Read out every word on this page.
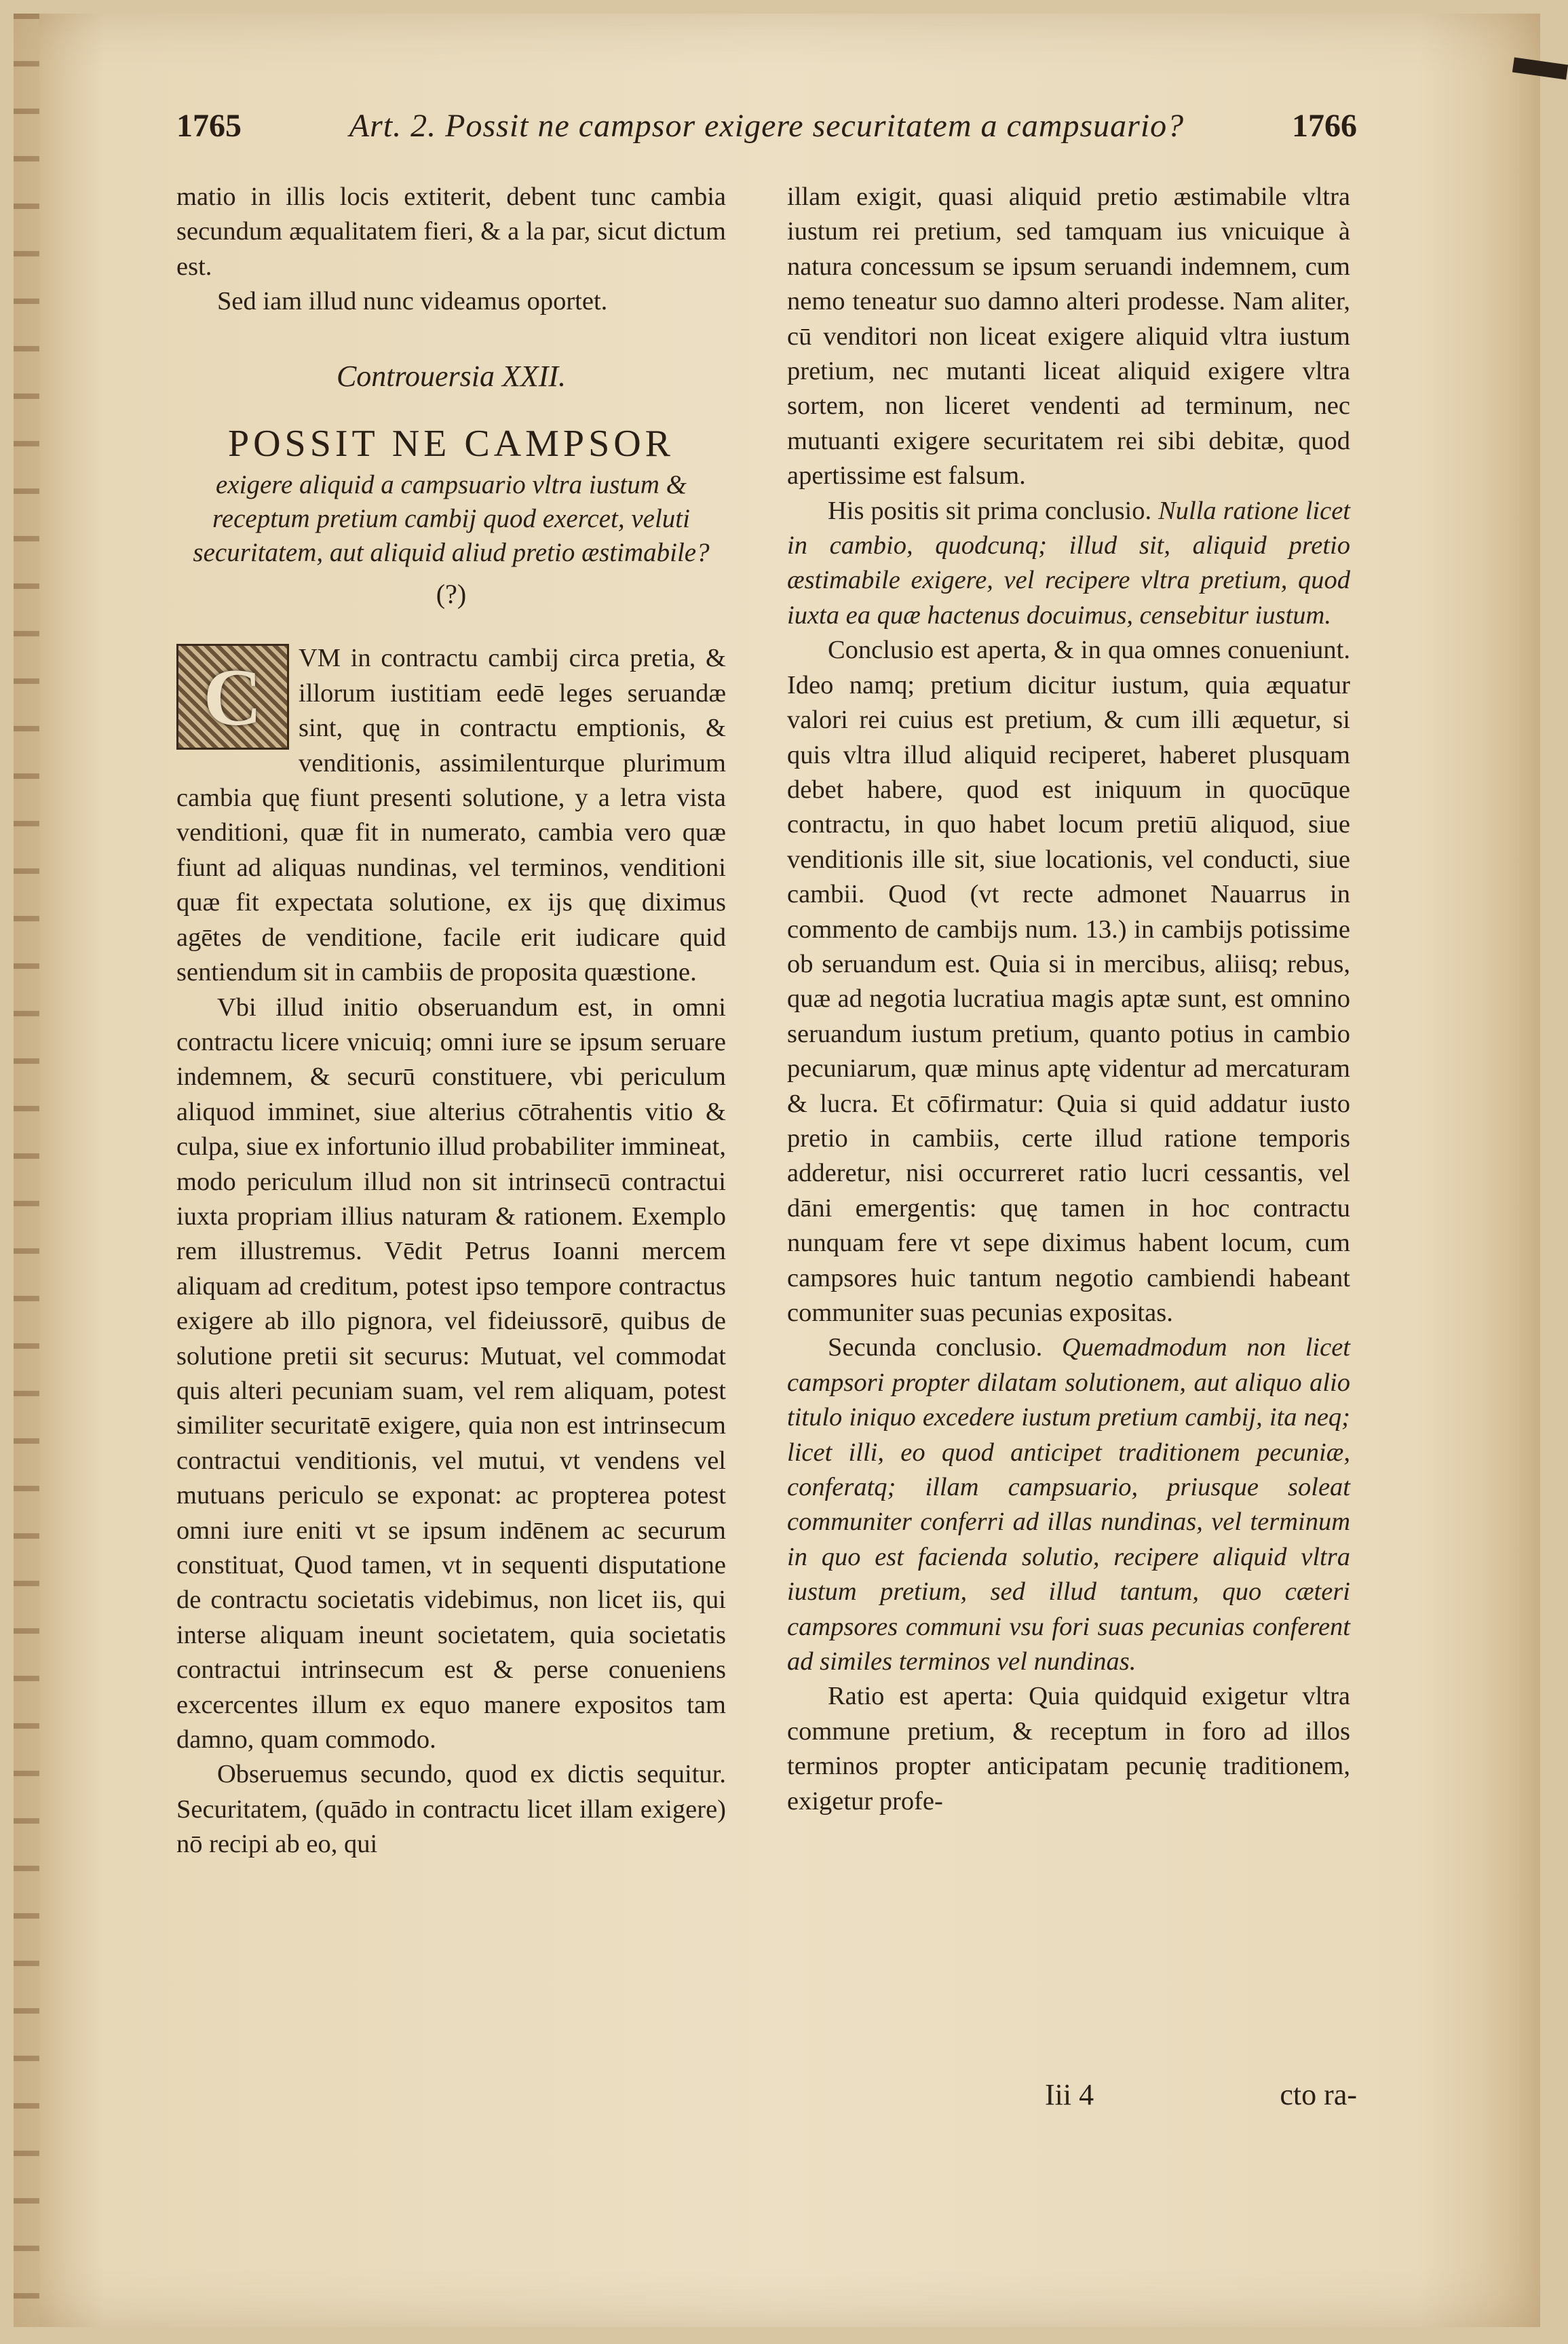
1765	Art. 2. Possit ne campsor exigere securitatem a campsuario?	1766

matio in illis locis extiterit, debent tunc cambia secundum æqualitatem fieri, & a la par, sicut dictum est.

Sed iam illud nunc videamus oportet.

Controuersia XXII.

POSSIT NE CAMPSOR

exigere aliquid a campsuario vltra iustum & receptum pretium cambij quod exercet, veluti securitatem, aut aliquid aliud pretio æstimabile?

(?)

C	VM in contractu cambij circa pretia, & illorum iustitiam eedē leges seruandæ sint, quę in contractu emptionis, & venditionis, assimilenturque plurimum cambia quę fiunt presenti solutione, y a letra vista venditioni, quæ fit in numerato, cambia vero quæ fiunt ad aliquas nundinas, vel terminos, venditioni quæ fit expectata solutione, ex ijs quę diximus agētes de venditione, facile erit iudicare quid sentiendum sit in cambiis de proposita quæstione.

Vbi illud initio obseruandum est, in omni contractu licere vnicuiq; omni iure se ipsum seruare indemnem, & securū constituere, vbi periculum aliquod imminet, siue alterius cōtrahentis vitio & culpa, siue ex infortunio illud probabiliter immineat, modo periculum illud non sit intrinsecū contractui iuxta propriam illius naturam & rationem. Exemplo rem illustremus. Vēdit Petrus Ioanni mercem aliquam ad creditum, potest ipso tempore contractus exigere ab illo pignora, vel fideiussorē, quibus de solutione pretii sit securus: Mutuat, vel commodat quis alteri pecuniam suam, vel rem aliquam, potest similiter securitatē exigere, quia non est intrinsecum contractui venditionis, vel mutui, vt vendens vel mutuans periculo se exponat: ac propterea potest omni iure eniti vt se ipsum indēnem ac securum constituat, Quod tamen, vt in sequenti disputatione de contractu societatis videbimus, non licet iis, qui interse aliquam ineunt societatem, quia societatis contractui intrinsecum est & perse conueniens excercentes illum ex equo manere expositos tam damno, quam commodo.

Obseruemus secundo, quod ex dictis sequitur. Securitatem, (quādo in contractu licet illam exigere) nō recipi ab eo, qui

illam exigit, quasi aliquid pretio æstimabile vltra iustum rei pretium, sed tamquam ius vnicuique à natura concessum se ipsum seruandi indemnem, cum nemo teneatur suo damno alteri prodesse. Nam aliter, cū venditori non liceat exigere aliquid vltra iustum pretium, nec mutanti liceat aliquid exigere vltra sortem, non liceret vendenti ad terminum, nec mutuanti exigere securitatem rei sibi debitæ, quod apertissime est falsum.

His positis sit prima conclusio. Nulla ratione licet in cambio, quodcunq; illud sit, aliquid pretio æstimabile exigere, vel recipere vltra pretium, quod iuxta ea quæ hactenus docuimus, censebitur iustum.

Conclusio est aperta, & in qua omnes conueniunt. Ideo namq; pretium dicitur iustum, quia æquatur valori rei cuius est pretium, & cum illi æquetur, si quis vltra illud aliquid reciperet, haberet plusquam debet habere, quod est iniquum in quocūque contractu, in quo habet locum pretiū aliquod, siue venditionis ille sit, siue locationis, vel conducti, siue cambii. Quod (vt recte admonet Nauarrus in commento de cambijs num. 13.) in cambijs potissime ob seruandum est. Quia si in mercibus, aliisq; rebus, quæ ad negotia lucratiua magis aptæ sunt, est omnino seruandum iustum pretium, quanto potius in cambio pecuniarum, quæ minus aptę videntur ad mercaturam & lucra. Et cōfirmatur: Quia si quid addatur iusto pretio in cambiis, certe illud ratione temporis adderetur, nisi occurreret ratio lucri cessantis, vel dāni emergentis: quę tamen in hoc contractu nunquam fere vt sepe diximus habent locum, cum campsores huic tantum negotio cambiendi habeant communiter suas pecunias expositas.

Secunda conclusio. Quemadmodum non licet campsori propter dilatam solutionem, aut aliquo alio titulo iniquo excedere iustum pretium cambij, ita neq; licet illi, eo quod anticipet traditionem pecuniæ, conferatq; illam campsuario, priusque soleat communiter conferri ad illas nundinas, vel terminum in quo est facienda solutio, recipere aliquid vltra iustum pretium, sed illud tantum, quo cæteri campsores communi vsu fori suas pecunias conferent ad similes terminos vel nundinas.

Ratio est aperta: Quia quidquid exigetur vltra commune pretium, & receptum in foro ad illos terminos propter anticipatam pecunię traditionem, exigetur profe-

Iii 4	cto ra-
